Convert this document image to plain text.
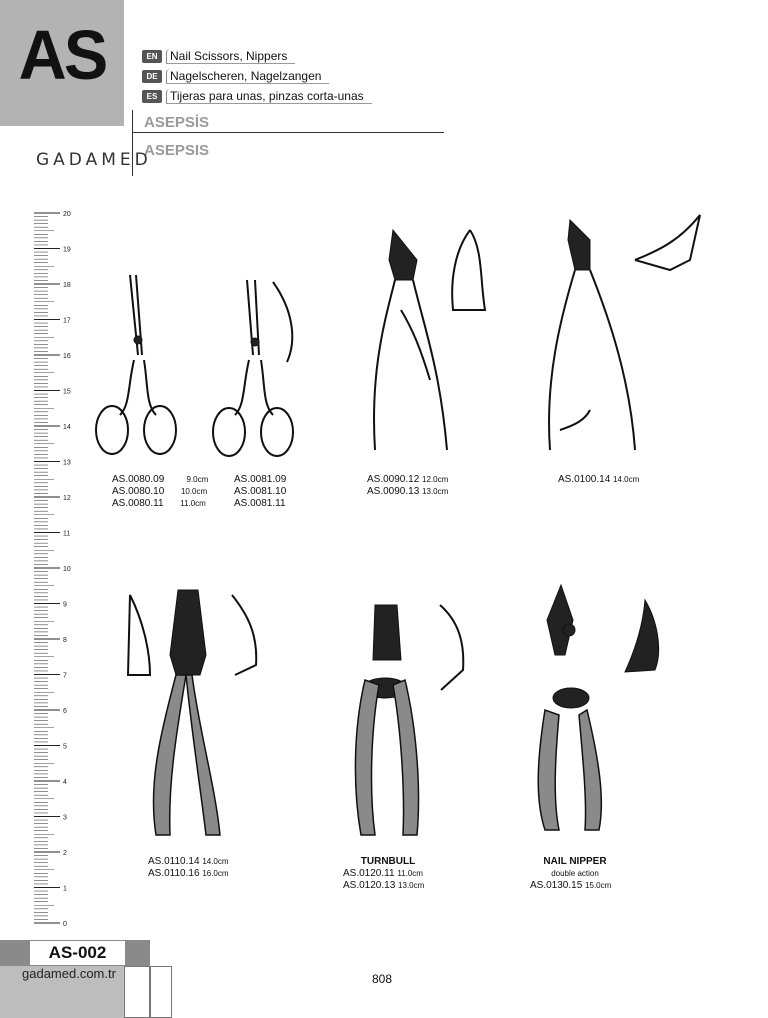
AS	EN	Nail Scissors, Nippers
DE	Nagelscheren, Nagelzangen
ES	Tijeras para unas, pinzas corta-unas
ASEPSİS
ASEPSIS
GADAMED
20
19
18
17
16
15
14
13
12
11
10
9
8
7
6
5
4
3
2
1
0
AS.0080.09	9.0cm
AS.0080.10 10.0cm
AS.0080.11 11.0cm
AS.0081.09
AS.0081.10
AS.0081.11
AS.0090.12 12.0cm
AS.0090.13 13.0cm
AS.0100.14 14.0cm
AS.0110.14 14.0cm
AS.0110.16 16.0cm
TURNBULL
AS.0120.11 11.0cm
AS.0120.13 13.0cm
NAIL NIPPER
double action
AS.0130.15 15.0cm
AS-002
gadamed.com.tr	808
